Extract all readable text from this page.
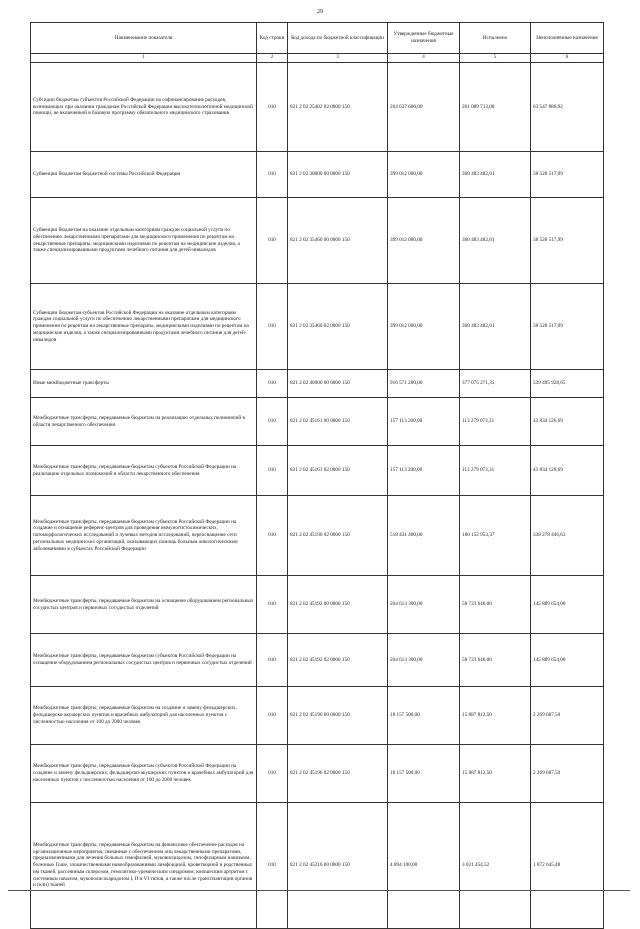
29
Наименование показателя	Код строки	Код дохода по бюджетной классификации	Утвержденные бюджетные назначения	Исполнено	Неисполненные назначения
1	2	3	4	5	6
Субсидии бюджетам субъектов Российской Федерации на софинансирование расходов, возникающих при оказании гражданам Российской Федерации высокотехнологичной медицинской помощи, не включенной в базовую программу обязательного медицинского страхования	010	821 2 02 25402 02 0000 150	264 637 600,00	201 089 713,08	63 547 886,92
Субвенции бюджетам бюджетной системы Российской Федерации	010	821 2 02 30000 00 0000 150	399 012 000,00	360 483 482,01	38 528 517,99
Субвенции бюджетам на оказание отдельным категориям граждан социальной услуги по обеспечению лекарственными препаратами для медицинского применения по рецептам на лекарственные препараты, медицинскими изделиями по рецептам на медицинские изделия, а также специализированными продуктами лечебного питания для детей-инвалидов	010	821 2 02 35460 00 0000 150	399 012 000,00	360 483 482,01	38 528 517,99
Субвенции бюджетам субъектов Российской Федерации на оказание отдельным категориям граждан социальной услуги по обеспечению лекарственными препаратами для медицинского применения по рецептам на лекарственные препараты, медицинскими изделиями по рецептам на медицинские изделия, а также специализированными продуктами лечебного питания для детей-инвалидов	010	821 2 02 35460 02 0000 150	399 012 000,00	360 483 482,01	38 528 517,99
Иные межбюджетные трансферты	010	821 2 02 40000 00 0000 150	916 571 200,00	377 075 271,35	539 495 928,65
Межбюджетные трансферты, передаваемые бюджетам на реализацию отдельных полномочий в области лекарственного обеспечения	010	821 2 02 45161 00 0000 150	157 113 200,00	113 279 073,31	43 834 126,69
Межбюджетные трансферты, передаваемые бюджетам субъектов Российской Федерации на реализацию отдельных полномочий в области лекарственного обеспечения	010	821 2 02 45161 02 0000 150	157 113 200,00	113 279 073,31	43 834 126,69
Межбюджетные трансферты, передаваемые бюджетам субъектов Российской Федерации на создание и оснащение референс-центров для проведения иммуногистохимических, патоморфологических исследований и лучевых методов исследований, переоснащение сети региональных медицинских организаций, оказывающих помощь больным онкологическими заболеваниями в субъектах Российской Федерации	010	821 2 02 45190 02 0000 150	518 431 400,00	180 152 953,37	338 278 446,63
Межбюджетные трансферты, передаваемые бюджетам на оснащение оборудованием региональных сосудистых центров и первичных сосудистых отделений	010	821 2 02 45192 00 0000 150	204 613 300,00	58 723 646,00	145 889 654,00
Межбюджетные трансферты, передаваемые бюджетам субъектов Российской Федерации на оснащение оборудованием региональных сосудистых центров и первичных сосудистых отделений	010	821 2 02 45192 02 0000 150	204 613 300,00	58 723 646,00	145 889 654,00
Межбюджетные трансферты, передаваемые бюджетам на создание и замену фельдшерских, фельдшерско-акушерских пунктов и врачебных амбулаторий для населенных пунктов с численностью населения от 100 до 2000 человек	010	821 2 02 45196 00 0000 150	18 157 500,00	15 887 812,50	2 269 687,50
Межбюджетные трансферты, передаваемые бюджетам субъектов Российской Федерации на создание и замену фельдшерских, фельдшерско-акушерских пунктов и врачебных амбулаторий для населенных пунктов с численностью населения от 100 до 2000 человек	010	821 2 02 45196 02 0000 150	18 157 500,00	15 887 812,50	2 269 687,50
Межбюджетные трансферты, передаваемые бюджетам на финансовое обеспечение расходов на организационные мероприятия, связанные с обеспечением лиц лекарственными препаратами, предназначенными для лечения больных гемофилией, муковисцидозом, гипофизарным нанизмом, болезнью Гоше, злокачественными новообразованиями лимфоидной, кроветворной и родственных им тканей, рассеянным склерозом, гемолитико-уремическим синдромом, юношеским артритом с системным началом, мукополисахаридозом I, II и VI типов, а также после трансплантации органов и (или) тканей	010	821 2 02 45216 00 0000 150	4 894 100,00	3 021 454,52	1 872 645,48
